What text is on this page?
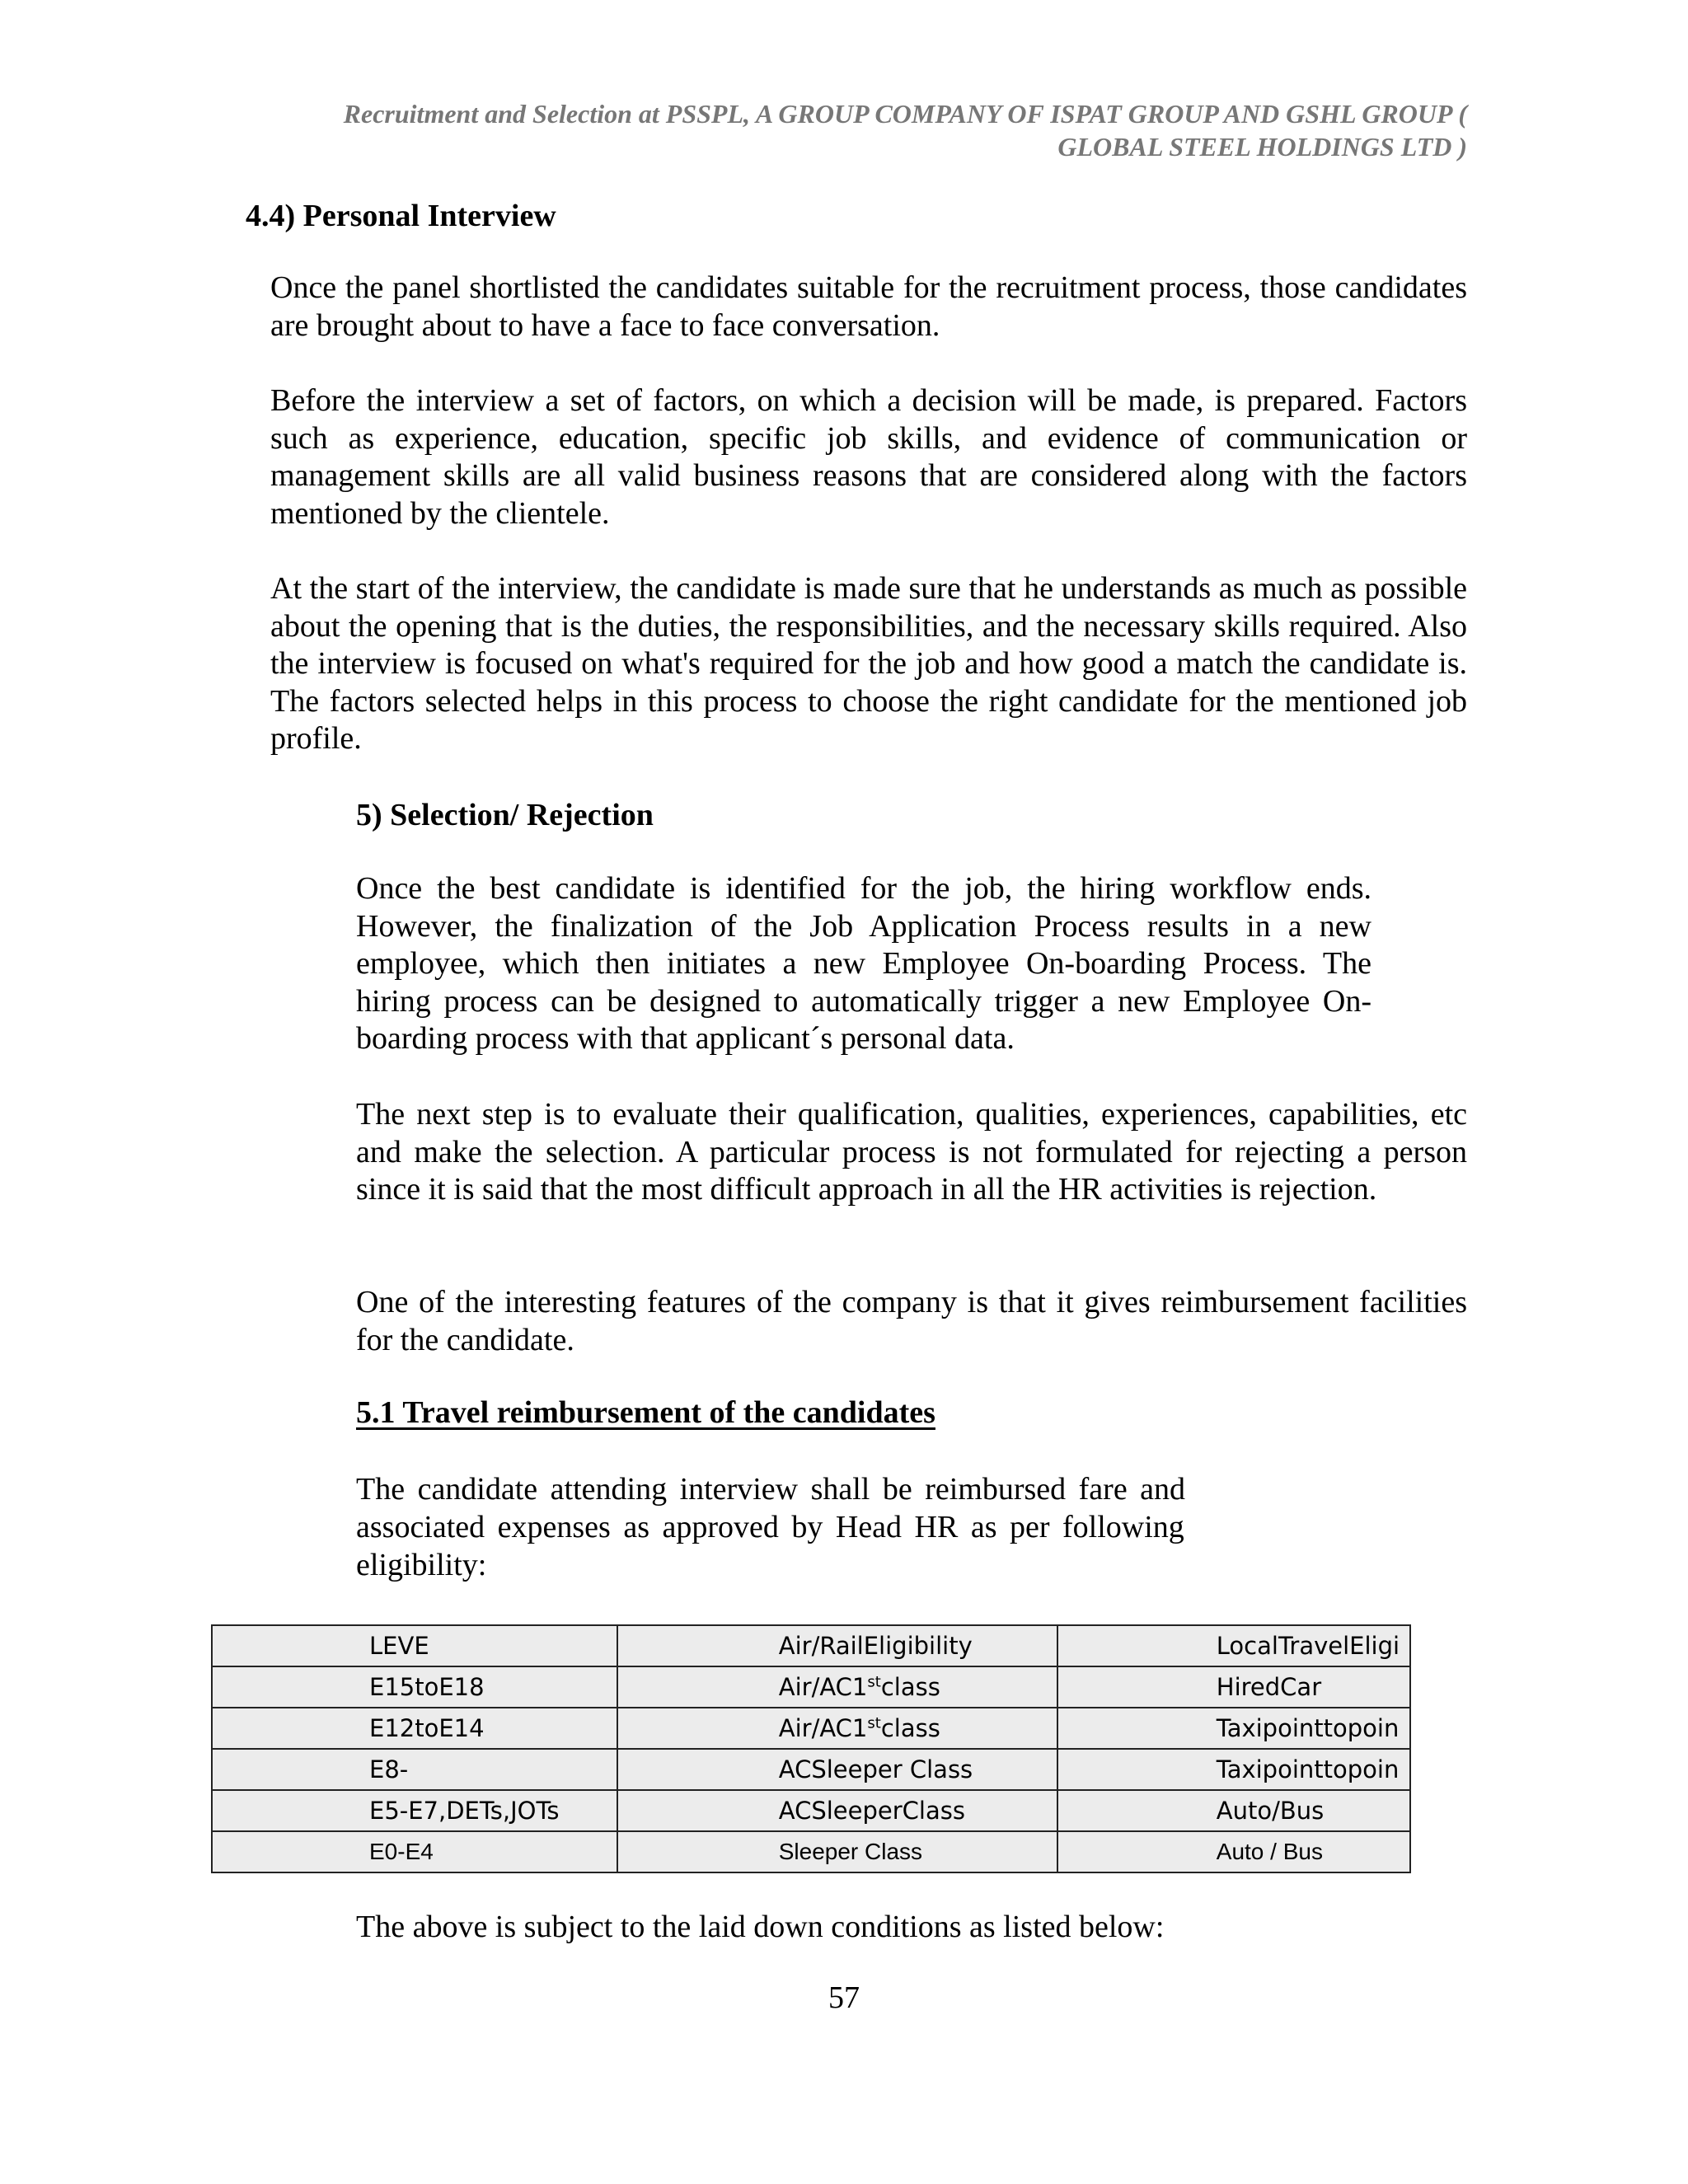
Recruitment and Selection at PSSPL, A GROUP COMPANY OF ISPAT GROUP AND GSHL GROUP (
GLOBAL STEEL HOLDINGS LTD )
4.4) Personal Interview

Once the panel shortlisted the candidates suitable for the recruitment process, those candidates are brought about to have a face to face conversation.

Before the interview a set of factors, on which a decision will be made, is prepared. Factors such as experience, education, specific job skills, and evidence of communication or management skills are all valid business reasons that are considered along with the factors mentioned by the clientele.

At the start of the interview, the candidate is made sure that he understands as much as possible about the opening that is the duties, the responsibilities, and the necessary skills required. Also the interview is focused on what's required for the job and how good a match the candidate is. The factors selected helps in this process to choose the right candidate for the mentioned job profile.

5) Selection/ Rejection

Once the best candidate is identified for the job, the hiring workflow ends. However, the finalization of the Job Application Process results in a new employee, which then initiates a new Employee On-boarding Process. The hiring process can be designed to automatically trigger a new Employee On-boarding process with that applicant´s personal data.

The next step is to evaluate their qualification, qualities, experiences, capabilities, etc and make the selection. A particular process is not formulated for rejecting a person since it is said that the most difficult approach in all the HR activities is rejection.

One of the interesting features of the company is that it gives reimbursement facilities for the candidate.

5.1 Travel reimbursement of the candidates

The candidate attending interview shall be reimbursed fare and associated expenses as approved by Head HR as per following eligibility:

LEVE	Air/RailEligibility	LocalTravelEligi
E15toE18	Air/AC1stclass	HiredCar
E12toE14	Air/AC1stclass	Taxipointtopoin
E8-	ACSleeper Class	Taxipointtopoin
E5-E7,DETs,JOTs	ACSleeperClass	Auto/Bus
E0-E4	Sleeper Class	Auto / Bus
The above is subject to the laid down conditions as listed below:
57
